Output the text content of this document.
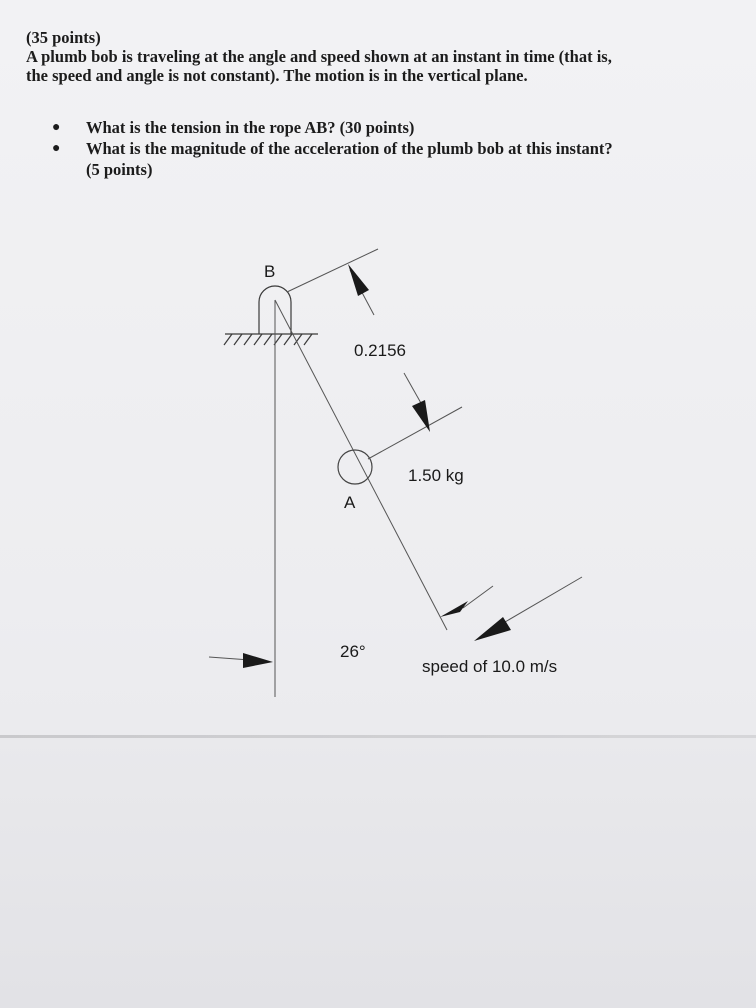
(35 points)
A plumb bob is traveling at the angle and speed shown at an instant in time (that is,
the speed and angle is not constant). The motion is in the vertical plane.
●	What is the tension in the rope AB? (30 points)
●	What is the magnitude of the acceleration of the plumb bob at this instant?
(5 points)
B
A
0.2156
1.50 kg
26°
speed of 10.0 m/s
